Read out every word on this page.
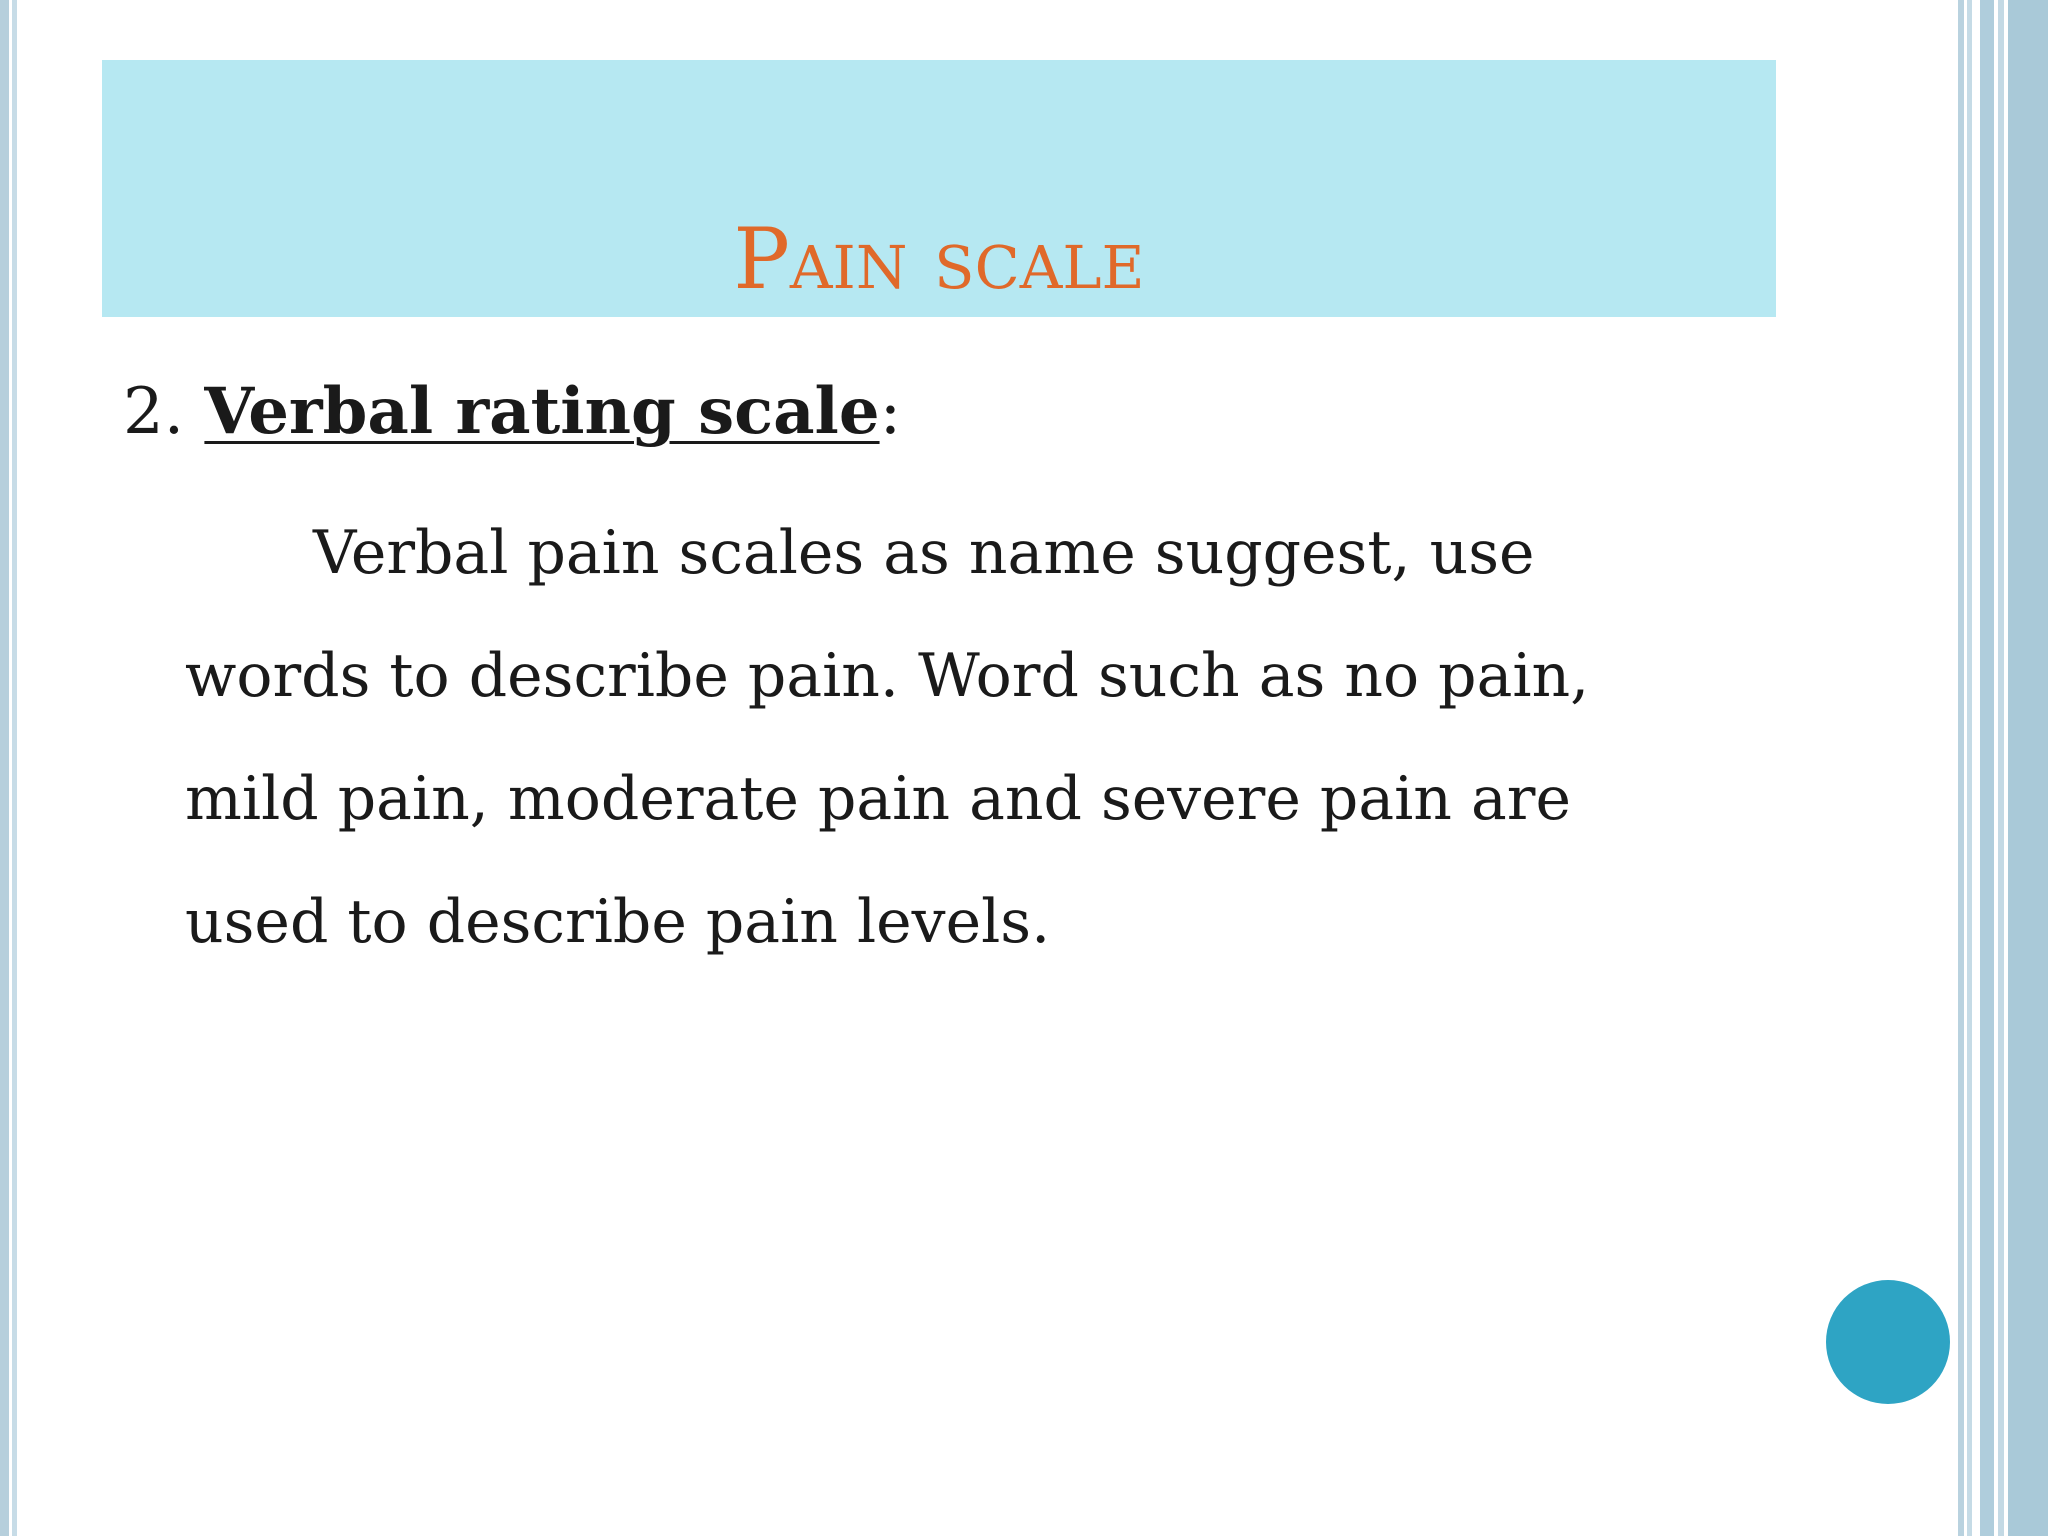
Pain scale
2. Verbal rating scale:

Verbal pain scales as name suggest, use words to describe pain. Word such as no pain, mild pain, moderate pain and severe pain are used to describe pain levels.
